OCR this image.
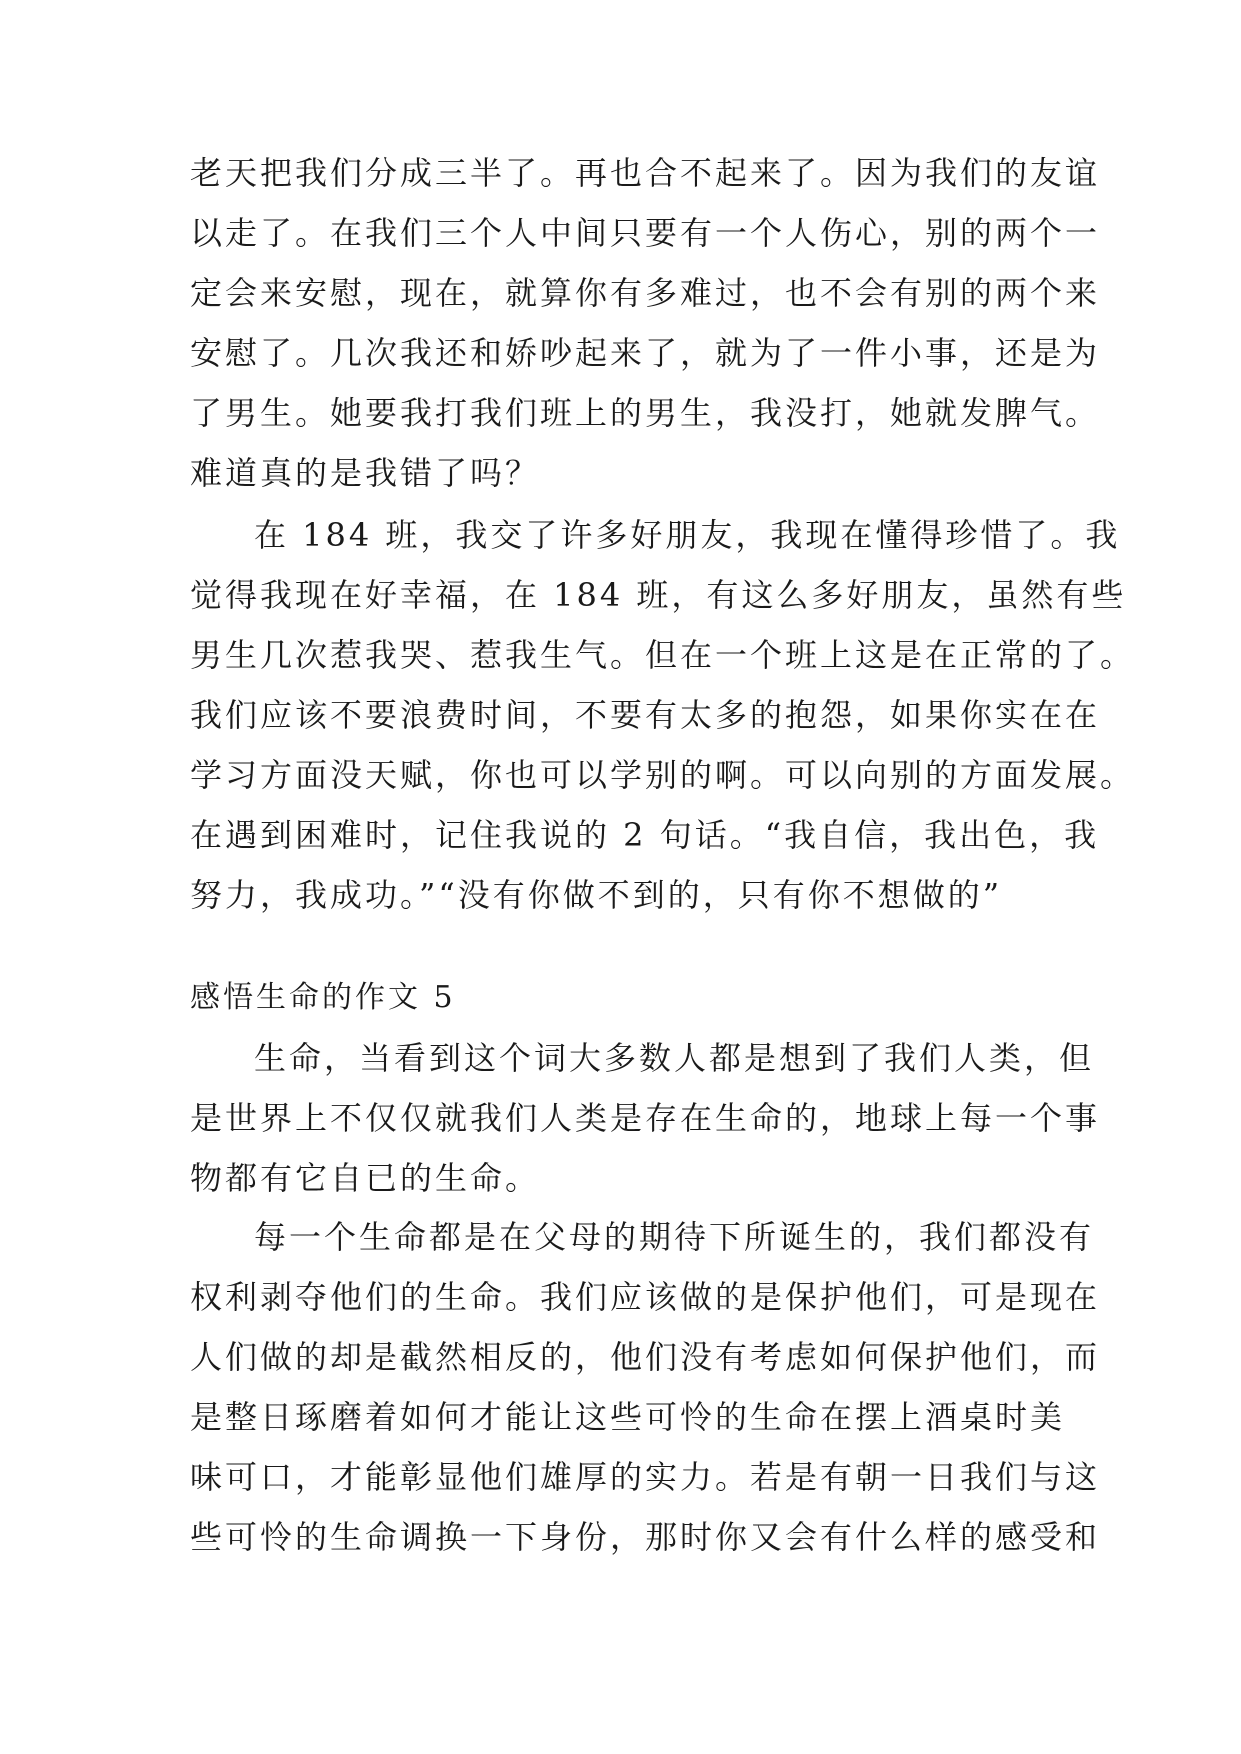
老天把我们分成三半了。再也合不起来了。因为我们的友谊
以走了。在我们三个人中间只要有一个人伤心，别的两个一
定会来安慰，现在，就算你有多难过，也不会有别的两个来
安慰了。几次我还和娇吵起来了，就为了一件小事，还是为
了男生。她要我打我们班上的男生，我没打，她就发脾气。
难道真的是我错了吗？
在 184 班，我交了许多好朋友，我现在懂得珍惜了。我
觉得我现在好幸福，在 184 班，有这么多好朋友，虽然有些
男生几次惹我哭、惹我生气。但在一个班上这是在正常的了。
我们应该不要浪费时间，不要有太多的抱怨，如果你实在在
学习方面没天赋，你也可以学别的啊。可以向别的方面发展。
在遇到困难时，记住我说的 2 句话。“我自信，我出色，我
努力，我成功。”“没有你做不到的，只有你不想做的”
感悟生命的作文 5
生命，当看到这个词大多数人都是想到了我们人类，但
是世界上不仅仅就我们人类是存在生命的，地球上每一个事
物都有它自已的生命。
每一个生命都是在父母的期待下所诞生的，我们都没有
权利剥夺他们的生命。我们应该做的是保护他们，可是现在
人们做的却是截然相反的，他们没有考虑如何保护他们，而
是整日琢磨着如何才能让这些可怜的生命在摆上酒桌时美
味可口，才能彰显他们雄厚的实力。若是有朝一日我们与这
些可怜的生命调换一下身份，那时你又会有什么样的感受和
